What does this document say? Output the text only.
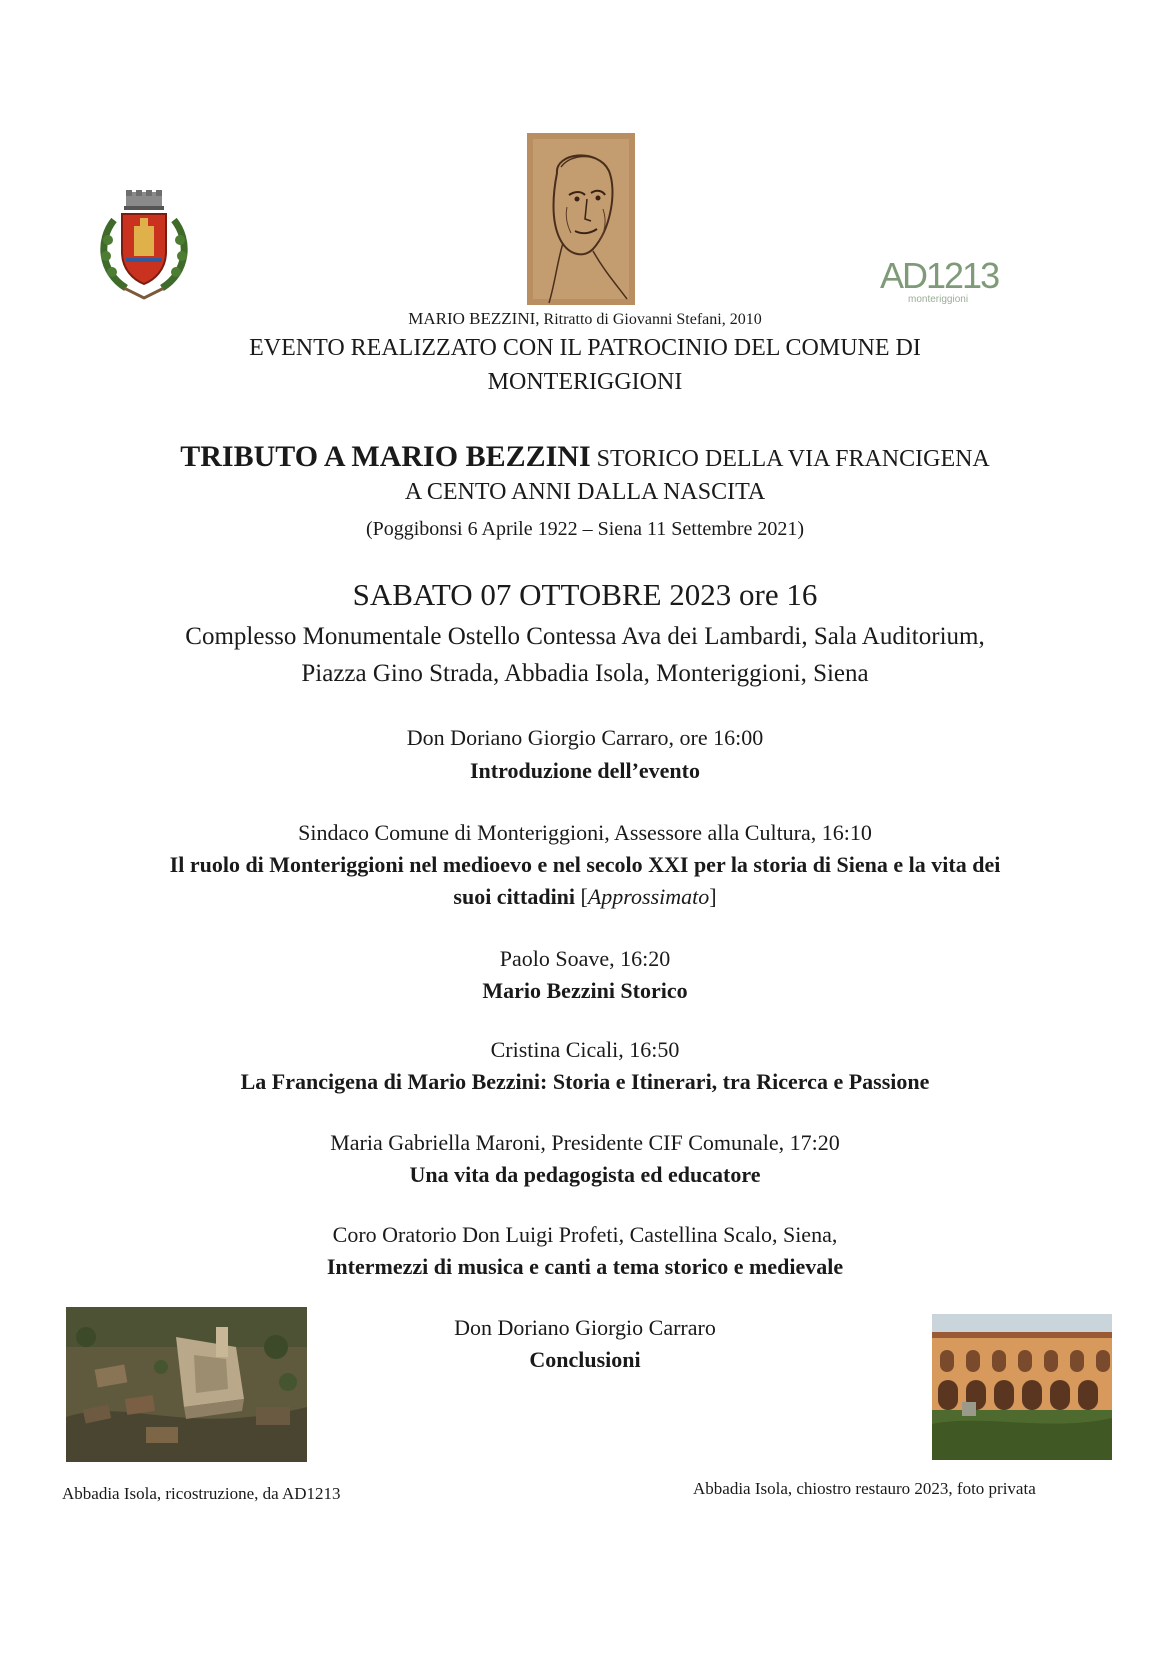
AD1213
monteriggioni
MARIO BEZZINI, Ritratto di Giovanni Stefani, 2010
EVENTO REALIZZATO CON IL PATROCINIO DEL COMUNE DI
MONTERIGGIONI
TRIBUTO A MARIO BEZZINI STORICO DELLA VIA FRANCIGENA
A CENTO ANNI DALLA NASCITA
(Poggibonsi 6 Aprile 1922 – Siena 11 Settembre 2021)
SABATO 07 OTTOBRE 2023 ore 16
Complesso Monumentale Ostello Contessa Ava dei Lambardi, Sala Auditorium,
Piazza Gino Strada, Abbadia Isola, Monteriggioni, Siena
Don Doriano Giorgio Carraro, ore 16:00
Introduzione dell’evento
Sindaco Comune di Monteriggioni, Assessore alla Cultura, 16:10
Il ruolo di Monteriggioni nel medioevo e nel secolo XXI per la storia di Siena e la vita dei
suoi cittadini [Approssimato]
Paolo Soave, 16:20
Mario Bezzini Storico
Cristina Cicali, 16:50
La Francigena di Mario Bezzini: Storia e Itinerari, tra Ricerca e Passione
Maria Gabriella Maroni, Presidente CIF Comunale, 17:20
Una vita da pedagogista ed educatore
Coro Oratorio Don Luigi Profeti, Castellina Scalo, Siena,
Intermezzi di musica e canti a tema storico e medievale
Don Doriano Giorgio Carraro
Conclusioni
Abbadia Isola, ricostruzione, da AD1213	Abbadia Isola, chiostro restauro 2023, foto privata
